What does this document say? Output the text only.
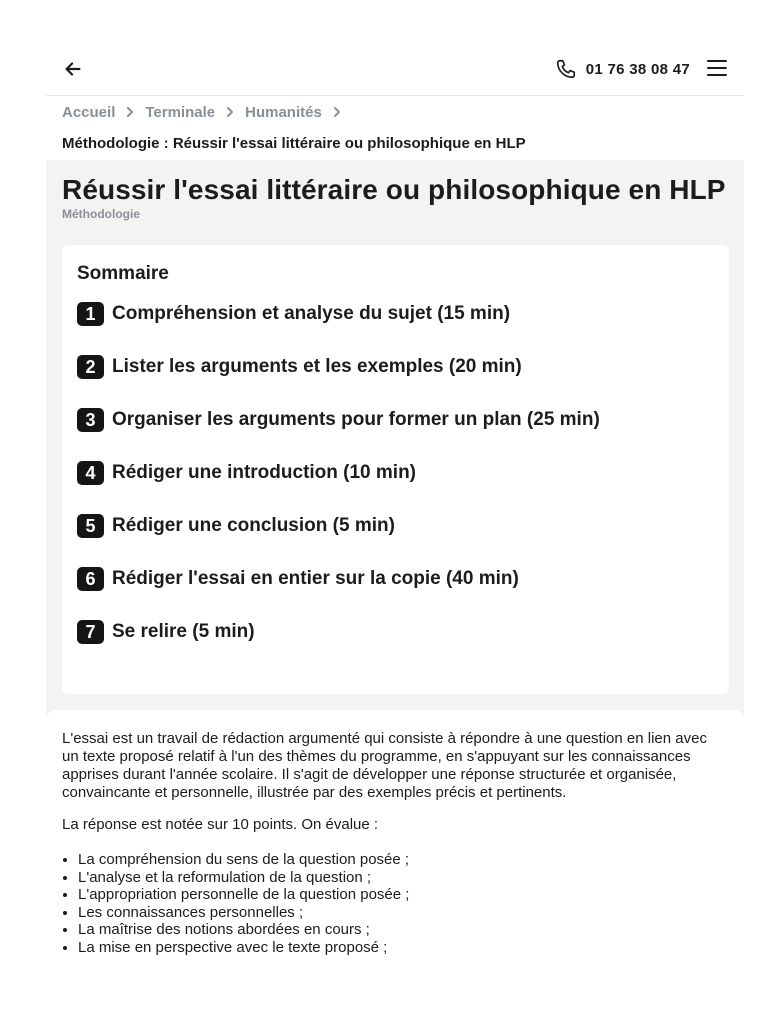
01 76 38 08 47
Accueil Terminale Humanités
Méthodologie : Réussir l'essai littéraire ou philosophique en HLP
Réussir l'essai littéraire ou philosophique en HLP
Méthodologie
Sommaire
1 Compréhension et analyse du sujet (15 min)
2 Lister les arguments et les exemples (20 min)
3 Organiser les arguments pour former un plan (25 min)
4 Rédiger une introduction (10 min)
5 Rédiger une conclusion (5 min)
6 Rédiger l'essai en entier sur la copie (40 min)
7 Se relire (5 min)

L'essai est un travail de rédaction argumenté qui consiste à répondre à une question en lien avec un texte proposé relatif à l'un des thèmes du programme, en s'appuyant sur les connaissances apprises durant l'année scolaire. Il s'agit de développer une réponse structurée et organisée, convaincante et personnelle, illustrée par des exemples précis et pertinents.

La réponse est notée sur 10 points. On évalue :

• La compréhension du sens de la question posée ;
• L'analyse et la reformulation de la question ;
• L'appropriation personnelle de la question posée ;
• Les connaissances personnelles ;
• La maîtrise des notions abordées en cours ;
• La mise en perspective avec le texte proposé ;
